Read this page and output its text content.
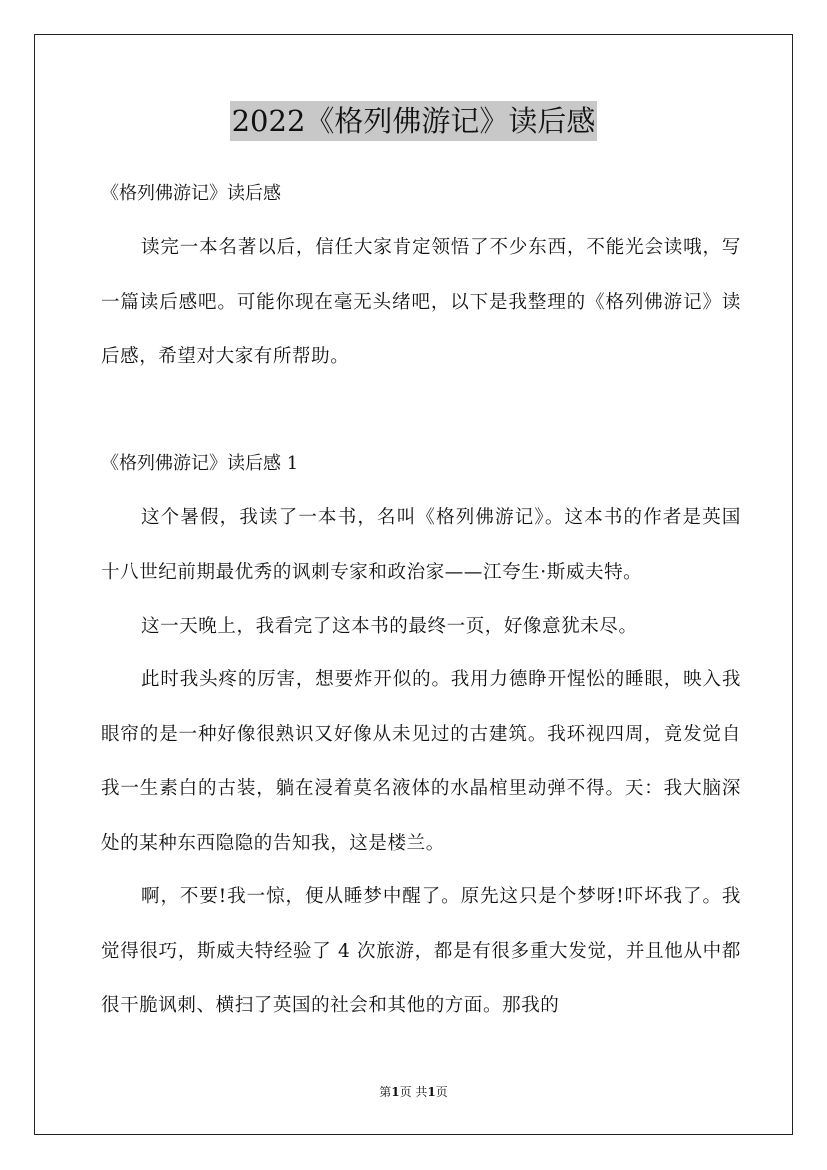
2022《格列佛游记》读后感
《格列佛游记》读后感
读完一本名著以后，信任大家肯定领悟了不少东西，不能光会读哦，写一篇读后感吧。可能你现在毫无头绪吧，以下是我整理的《格列佛游记》读后感，希望对大家有所帮助。
《格列佛游记》读后感 1
这个暑假，我读了一本书，名叫《格列佛游记》。这本书的作者是英国十八世纪前期最优秀的讽刺专家和政治家——江夸生·斯威夫特。
这一天晚上，我看完了这本书的最终一页，好像意犹未尽。
此时我头疼的厉害，想要炸开似的。我用力德睁开惺忪的睡眼，映入我眼帘的是一种好像很熟识又好像从未见过的古建筑。我环视四周，竟发觉自我一生素白的古装，躺在浸着莫名液体的水晶棺里动弹不得。天：我大脑深处的某种东西隐隐的告知我，这是楼兰。
啊，不要!我一惊，便从睡梦中醒了。原先这只是个梦呀!吓坏我了。我觉得很巧，斯威夫特经验了 4 次旅游，都是有很多重大发觉，并且他从中都很干脆讽刺、横扫了英国的社会和其他的方面。那我的
第1页 共1页
